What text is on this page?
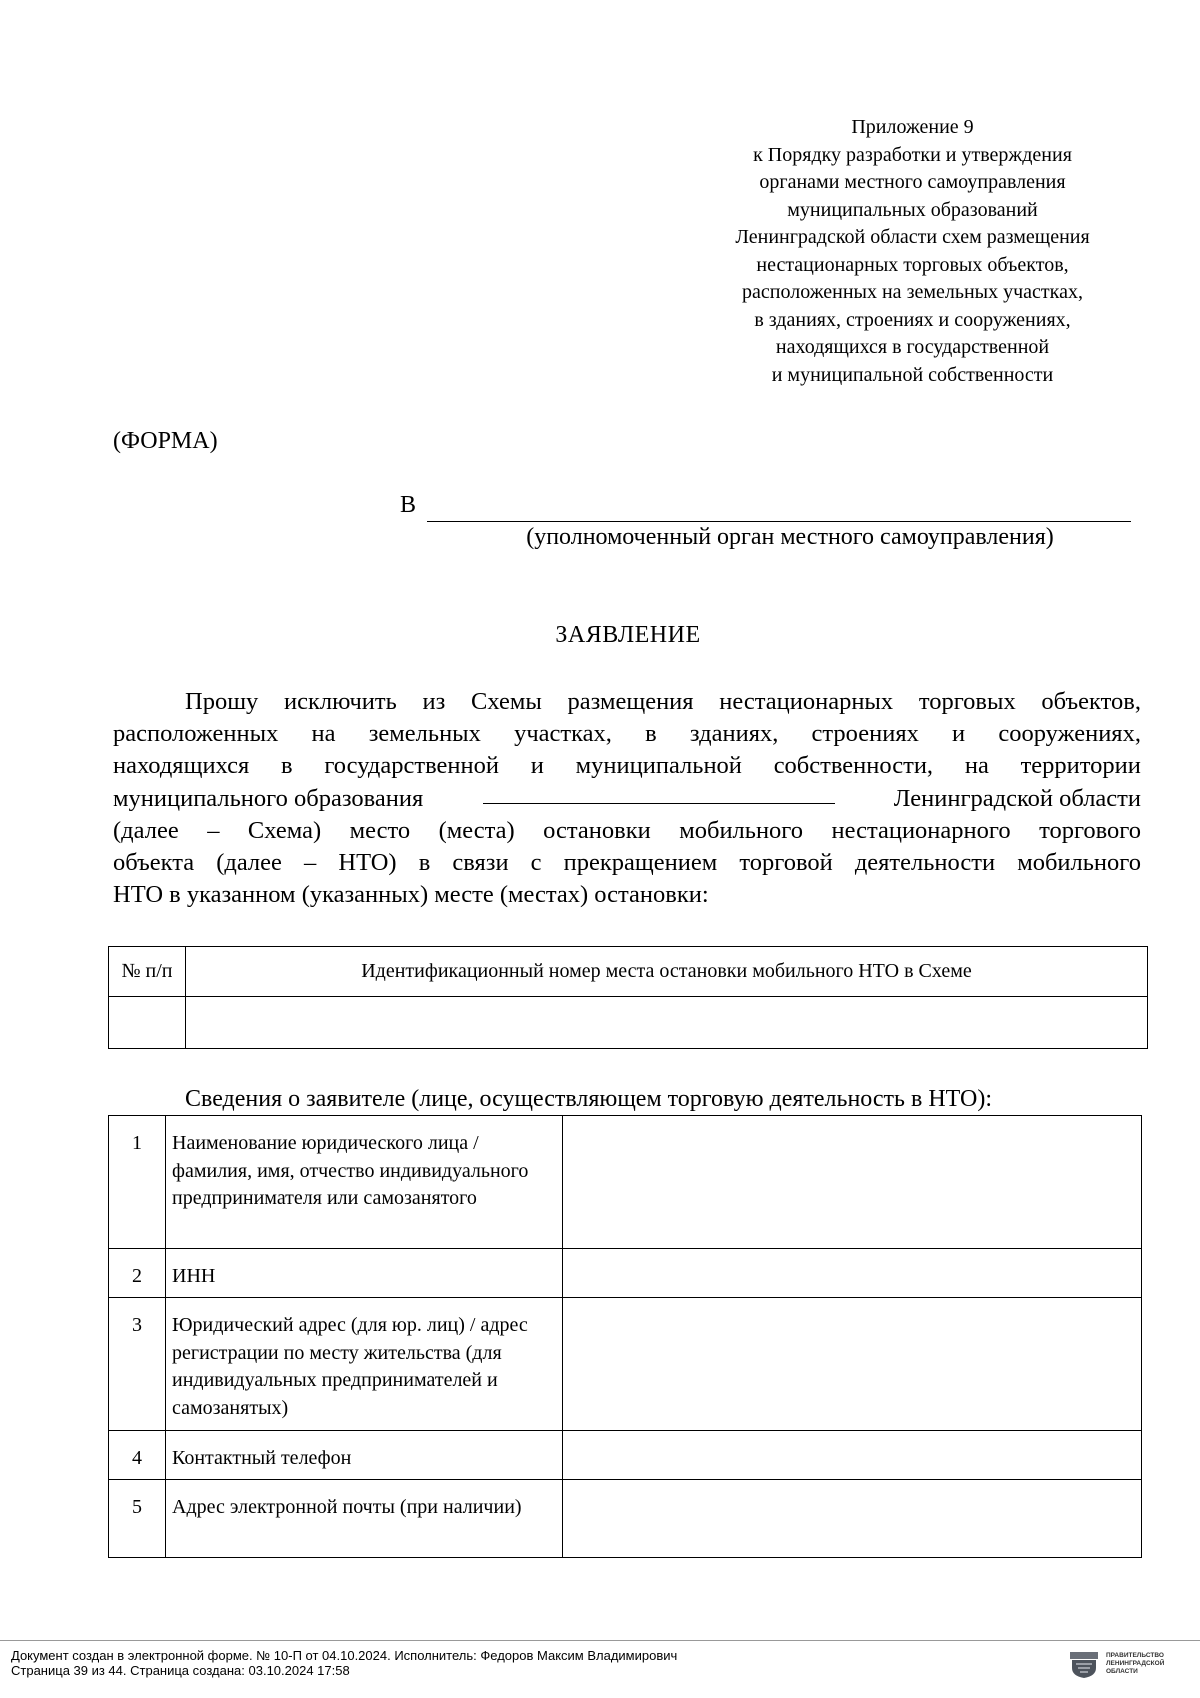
Приложение 9
к Порядку разработки и утверждения
органами местного самоуправления
муниципальных образований
Ленинградской области схем размещения
нестационарных торговых объектов,
расположенных на земельных участках,
в зданиях, строениях и сооружениях,
находящихся в государственной
и муниципальной собственности
(ФОРМА)
В
(уполномоченный орган местного самоуправления)
ЗАЯВЛЕНИЕ
Прошу исключить из Схемы размещения нестационарных торговых объектов,
расположенных на земельных участках, в зданиях, строениях и сооружениях,
находящихся в государственной и муниципальной собственности, на территории
муниципального образования	Ленинградской области
(далее – Схема) место (места) остановки мобильного нестационарного торгового
объекта (далее – НТО) в связи с прекращением торговой деятельности мобильного
НТО в указанном (указанных) месте (местах) остановки:
№ п/п	Идентификационный номер места остановки мобильного НТО в Схеме

Сведения о заявителе (лице, осуществляющем торговую деятельность в НТО):
1	Наименование юридического лица / фамилия, имя, отчество индивидуального предпринимателя или самозанятого	
2	ИНН	
3	Юридический адрес (для юр. лиц) / адрес регистрации по месту жительства (для индивидуальных предпринимателей и самозанятых)	
4	Контактный телефон	
5	Адрес электронной почты (при наличии)	
Документ создан в электронной форме. № 10-П от 04.10.2024. Исполнитель: Федоров Максим Владимирович
Страница 39 из 44. Страница создана: 03.10.2024 17:58
ПРАВИТЕЛЬСТВО
ЛЕНИНГРАДСКОЙ
ОБЛАСТИ
